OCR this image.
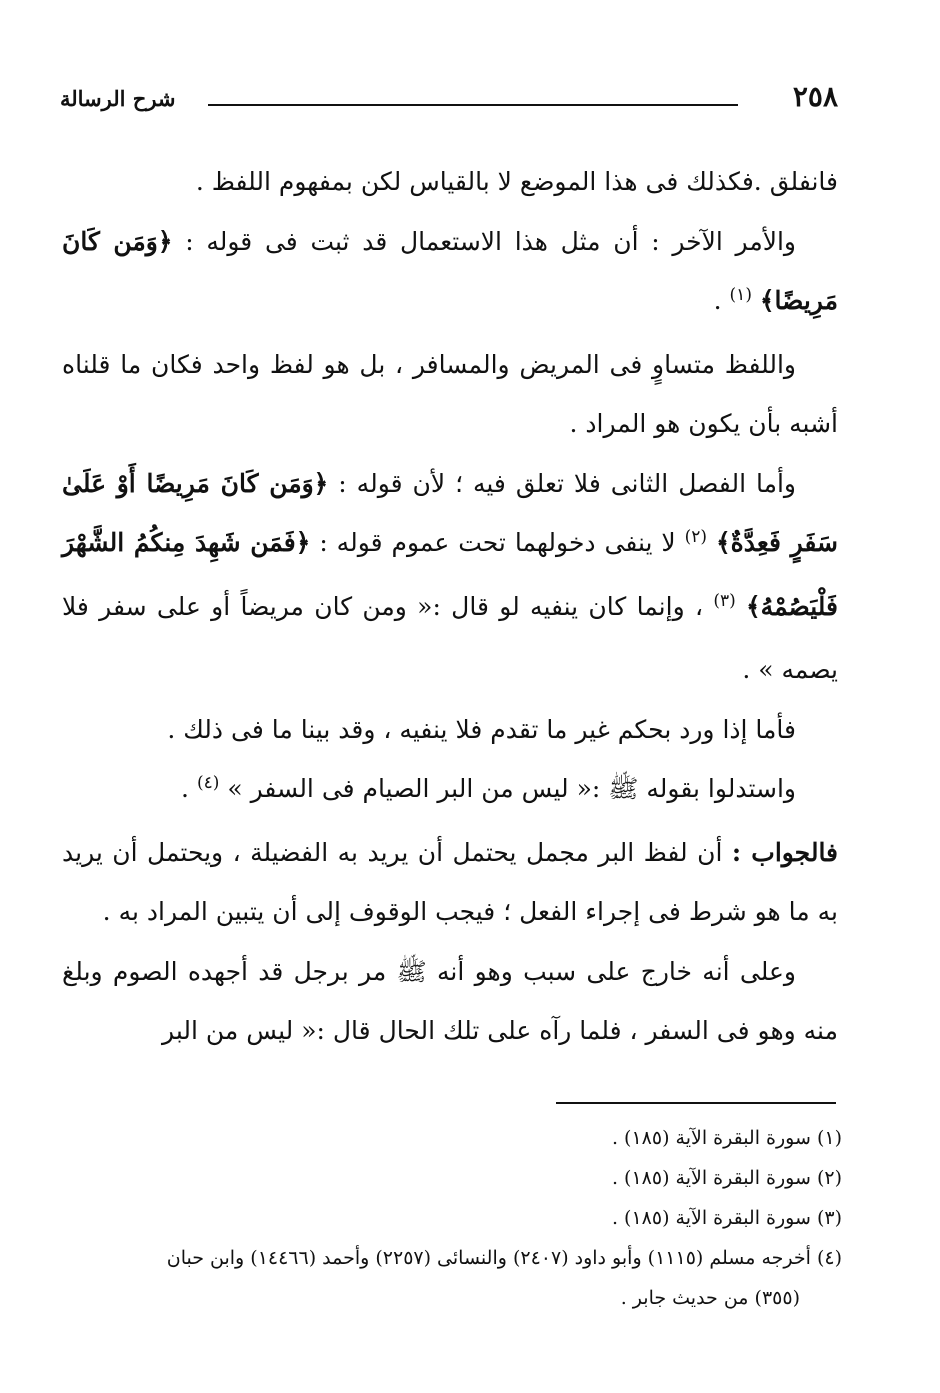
٢٥٨
شرح الرسالة

فانفلق .فكذلك فى هذا الموضع لا بالقياس لكن بمفهوم اللفظ .

والأمر الآخر : أن مثل هذا الاستعمال قد ثبت فى قوله : ﴿وَمَن كَانَ مَرِيضًا﴾ $^{(١)}$ .

واللفظ متساوٍ فى المريض والمسافر ، بل هو لفظ واحد فكان ما قلناه أشبه بأن يكون هو المراد .

وأما الفصل الثانى فلا تعلق فيه ؛ لأن قوله : ﴿وَمَن كَانَ مَرِيضًا أَوْ عَلَىٰ سَفَرٍ فَعِدَّةٌ﴾ $^{(٢)}$ لا ينفى دخولهما تحت عموم قوله : ﴿فَمَن شَهِدَ مِنكُمُ الشَّهْرَ فَلْيَصُمْهُ﴾ $^{(٣)}$ ، وإنما كان ينفيه لو قال :« ومن كان مريضاً أو على سفر فلا يصمه » .

فأما إذا ورد بحكم غير ما تقدم فلا ينفيه ، وقد بينا ما فى ذلك .

واستدلوا بقوله ﷺ :« ليس من البر الصيام فى السفر » $^{(٤)}$ .

فالجواب : أن لفظ البر مجمل يحتمل أن يريد به الفضيلة ، ويحتمل أن يريد به ما هو شرط فى إجراء الفعل ؛ فيجب الوقوف إلى أن يتبين المراد به .

وعلى أنه خارج على سبب وهو أنه ﷺ مر برجل قد أجهده الصوم وبلغ منه وهو فى السفر ، فلما رآه على تلك الحال قال :« ليس من البر

(١) سورة البقرة الآية (١٨٥) .

(٢) سورة البقرة الآية (١٨٥) .

(٣) سورة البقرة الآية (١٨٥) .

(٤) أخرجه مسلم (١١١٥) وأبو داود (٢٤٠٧) والنسائى (٢٢٥٧) وأحمد (١٤٤٦٦) وابن حبان

(٣٥٥) من حديث جابر .
